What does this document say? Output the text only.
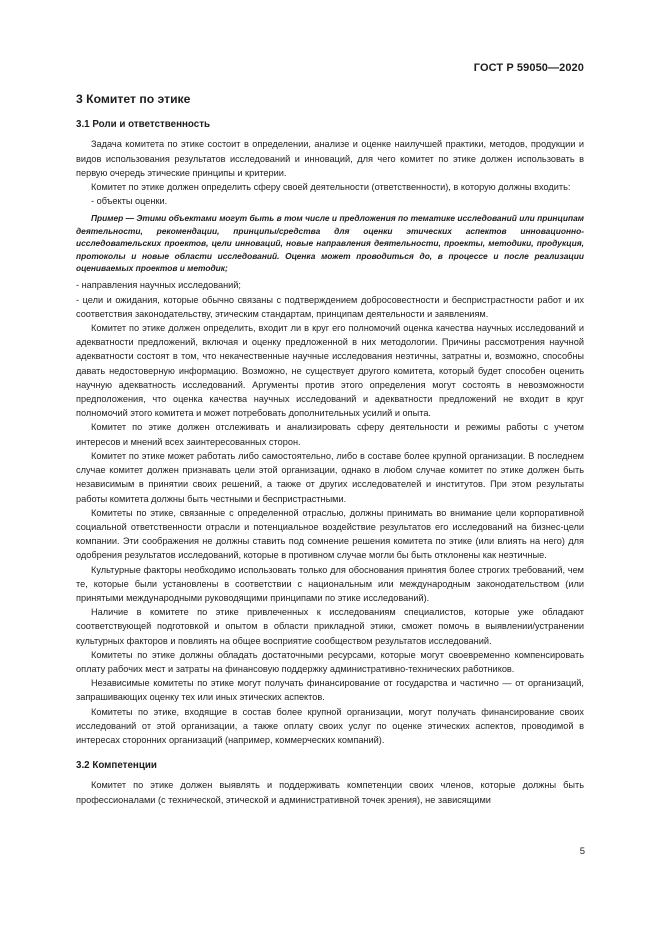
ГОСТ Р 59050—2020
3 Комитет по этике
3.1 Роли и ответственность

Задача комитета по этике состоит в определении, анализе и оценке наилучшей практики, методов, продукции и видов использования результатов исследований и инноваций, для чего комитет по этике должен использовать в первую очередь этические принципы и критерии.

Комитет по этике должен определить сферу своей деятельности (ответственности), в которую должны входить:

- объекты оценки.

Пример — Этими объектами могут быть в том числе и предложения по тематике исследований или принципам деятельности, рекомендации, принципы/средства для оценки этических аспектов инновационно-исследовательских проектов, цели инноваций, новые направления деятельности, проекты, методики, продукция, протоколы и новые области исследований. Оценка может проводиться до, в процессе и после реализации оцениваемых проектов и методик;

- направления научных исследований;

- цели и ожидания, которые обычно связаны с подтверждением добросовестности и беспристрастности работ и их соответствия законодательству, этическим стандартам, принципам деятельности и заявлениям.

Комитет по этике должен определить, входит ли в круг его полномочий оценка качества научных исследований и адекватности предложений, включая и оценку предложенной в них методологии. Причины рассмотрения научной адекватности состоят в том, что некачественные научные исследования неэтичны, затратны и, возможно, способны давать недостоверную информацию. Возможно, не существует другого комитета, который будет способен оценить научную адекватность исследований. Аргументы против этого определения могут состоять в невозможности предположения, что оценка качества научных исследований и адекватности предложений не входит в круг полномочий этого комитета и может потребовать дополнительных усилий и опыта.

Комитет по этике должен отслеживать и анализировать сферу деятельности и режимы работы с учетом интересов и мнений всех заинтересованных сторон.

Комитет по этике может работать либо самостоятельно, либо в составе более крупной организации. В последнем случае комитет должен признавать цели этой организации, однако в любом случае комитет по этике должен быть независимым в принятии своих решений, а также от других исследователей и институтов. При этом результаты работы комитета должны быть честными и беспристрастными.

Комитеты по этике, связанные с определенной отраслью, должны принимать во внимание цели корпоративной социальной ответственности отрасли и потенциальное воздействие результатов его исследований на бизнес-цели компании. Эти соображения не должны ставить под сомнение решения комитета по этике (или влиять на него) для одобрения результатов исследований, которые в противном случае могли бы быть отклонены как неэтичные.

Культурные факторы необходимо использовать только для обоснования принятия более строгих требований, чем те, которые были установлены в соответствии с национальным или международным законодательством (или принятыми международными руководящими принципами по этике исследований).

Наличие в комитете по этике привлеченных к исследованиям специалистов, которые уже обладают соответствующей подготовкой и опытом в области прикладной этики, сможет помочь в выявлении/устранении культурных факторов и повлиять на общее восприятие сообществом результатов исследований.

Комитеты по этике должны обладать достаточными ресурсами, которые могут своевременно компенсировать оплату рабочих мест и затраты на финансовую поддержку административно-технических работников.

Независимые комитеты по этике могут получать финансирование от государства и частично — от организаций, запрашивающих оценку тех или иных этических аспектов.

Комитеты по этике, входящие в состав более крупной организации, могут получать финансирование своих исследований от этой организации, а также оплату своих услуг по оценке этических аспектов, проводимой в интересах сторонних организаций (например, коммерческих компаний).

3.2 Компетенции

Комитет по этике должен выявлять и поддерживать компетенции своих членов, которые должны быть профессионалами (с технической, этической и административной точек зрения), не зависящими

5
